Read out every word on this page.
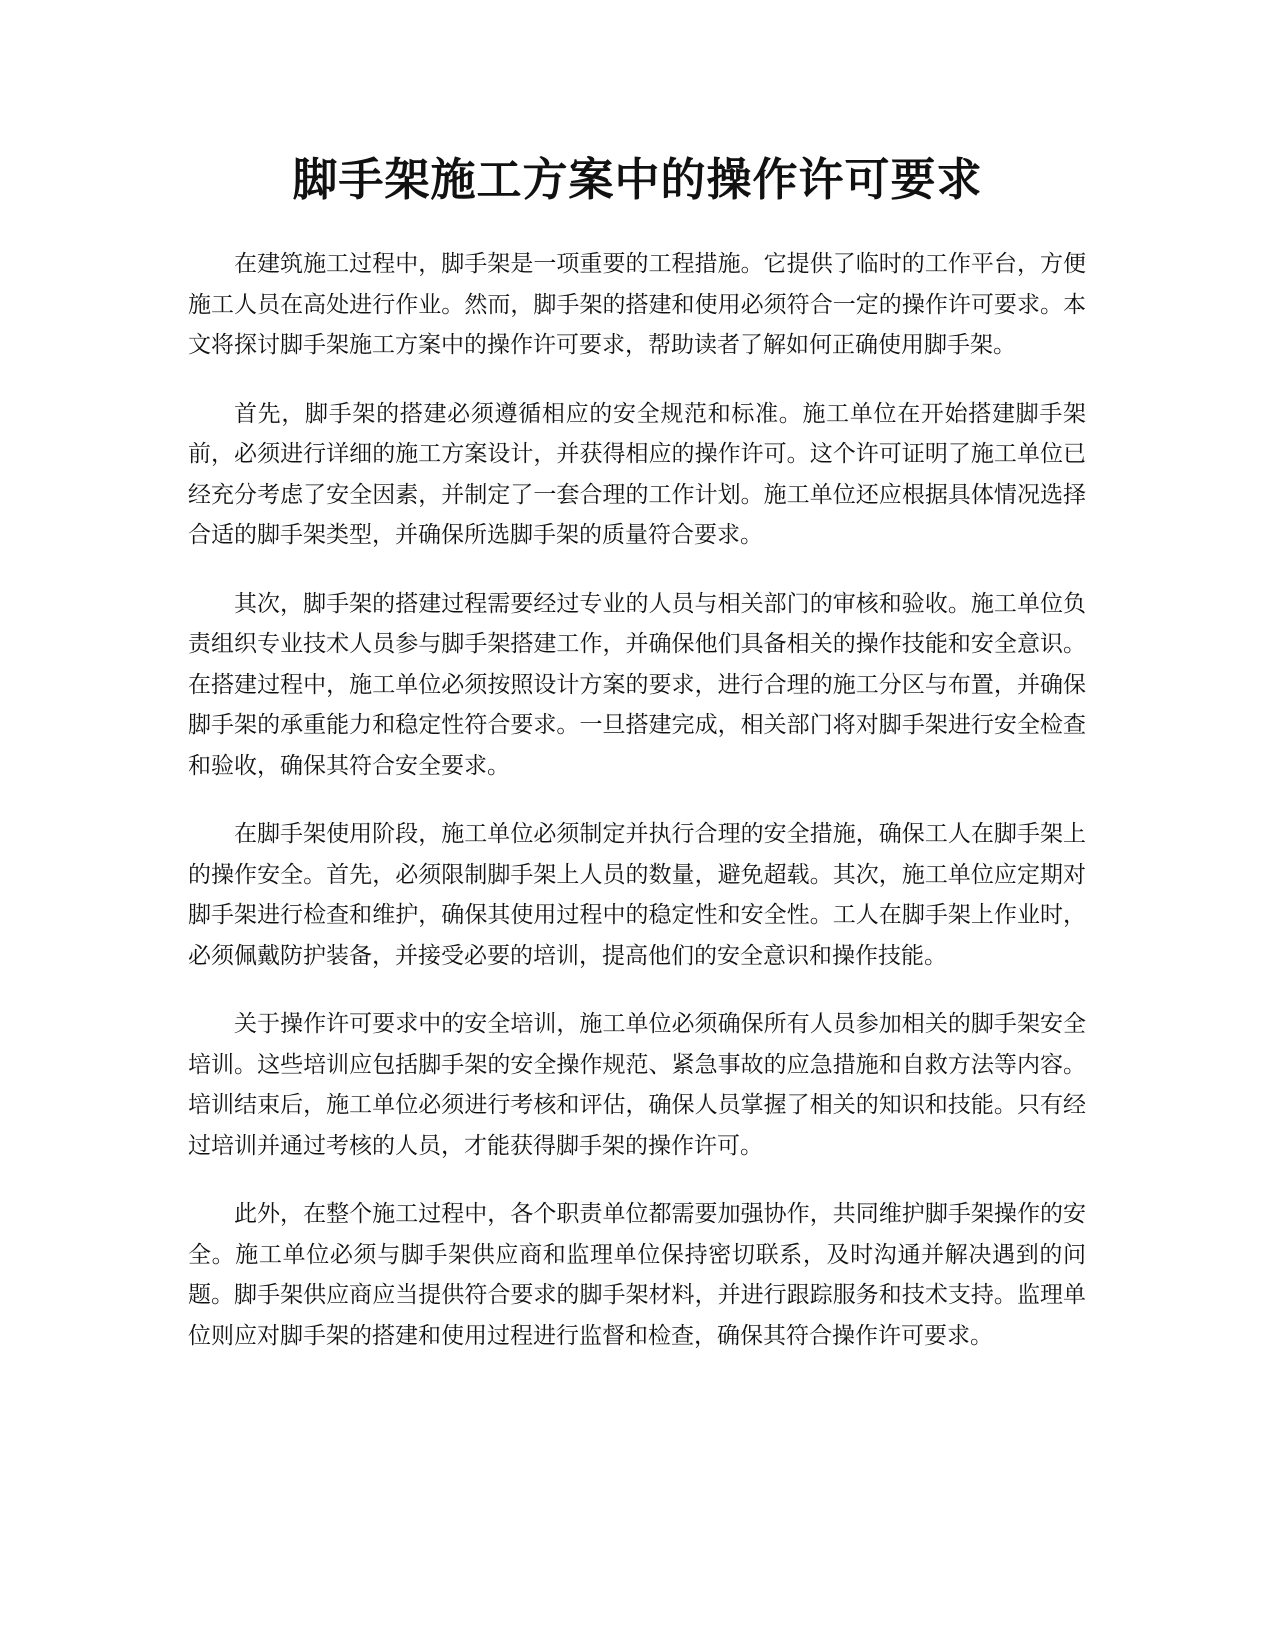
脚手架施工方案中的操作许可要求

在建筑施工过程中，脚手架是一项重要的工程措施。它提供了临时的工作平台，方便施工人员在高处进行作业。然而，脚手架的搭建和使用必须符合一定的操作许可要求。本文将探讨脚手架施工方案中的操作许可要求，帮助读者了解如何正确使用脚手架。

首先，脚手架的搭建必须遵循相应的安全规范和标准。施工单位在开始搭建脚手架前，必须进行详细的施工方案设计，并获得相应的操作许可。这个许可证明了施工单位已经充分考虑了安全因素，并制定了一套合理的工作计划。施工单位还应根据具体情况选择合适的脚手架类型，并确保所选脚手架的质量符合要求。

其次，脚手架的搭建过程需要经过专业的人员与相关部门的审核和验收。施工单位负责组织专业技术人员参与脚手架搭建工作，并确保他们具备相关的操作技能和安全意识。在搭建过程中，施工单位必须按照设计方案的要求，进行合理的施工分区与布置，并确保脚手架的承重能力和稳定性符合要求。一旦搭建完成，相关部门将对脚手架进行安全检查和验收，确保其符合安全要求。

在脚手架使用阶段，施工单位必须制定并执行合理的安全措施，确保工人在脚手架上的操作安全。首先，必须限制脚手架上人员的数量，避免超载。其次，施工单位应定期对脚手架进行检查和维护，确保其使用过程中的稳定性和安全性。工人在脚手架上作业时，必须佩戴防护装备，并接受必要的培训，提高他们的安全意识和操作技能。

关于操作许可要求中的安全培训，施工单位必须确保所有人员参加相关的脚手架安全培训。这些培训应包括脚手架的安全操作规范、紧急事故的应急措施和自救方法等内容。培训结束后，施工单位必须进行考核和评估，确保人员掌握了相关的知识和技能。只有经过培训并通过考核的人员，才能获得脚手架的操作许可。

此外，在整个施工过程中，各个职责单位都需要加强协作，共同维护脚手架操作的安全。施工单位必须与脚手架供应商和监理单位保持密切联系，及时沟通并解决遇到的问题。脚手架供应商应当提供符合要求的脚手架材料，并进行跟踪服务和技术支持。监理单位则应对脚手架的搭建和使用过程进行监督和检查，确保其符合操作许可要求。
